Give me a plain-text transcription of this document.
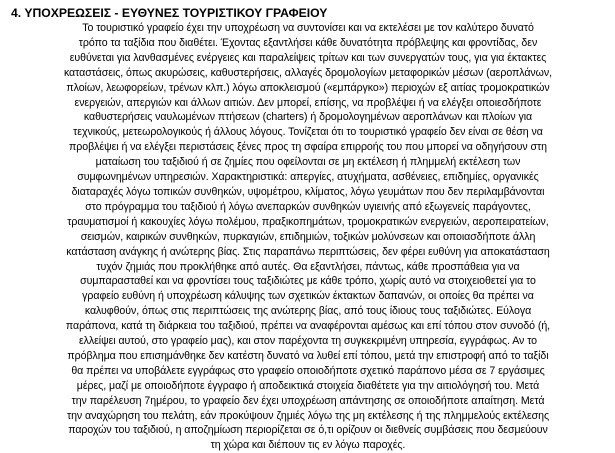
4. ΥΠΟΧΡΕΩΣΕΙΣ - ΕΥΘΥΝΕΣ ΤΟΥΡΙΣΤΙΚΟΥ ΓΡΑΦΕΙΟΥ
Το τουριστικό γραφείο έχει την υποχρέωση να συντονίσει και να εκτελέσει με τον καλύτερο δυνατό
τρόπο τα ταξίδια που διαθέτει. Έχοντας εξαντλήσει κάθε δυνατότητα πρόβλεψης και φροντίδας, δεν
ευθύνεται για λανθασμένες ενέργειες και παραλείψεις τρίτων και των συνεργατών τους, για για έκτακτες
καταστάσεις, όπως ακυρώσεις, καθυστερήσεις, αλλαγές δρομολογίων μεταφορικών μέσων (αεροπλάνων,
πλοίων, λεωφορείων, τρένων κλπ.) λόγω αποκλεισμού («εμπάργκο») περιοχών εξ αιτίας τρομοκρατικών
ενεργειών, απεργιών και άλλων αιτιών. Δεν μπορεί, επίσης, να προβλέψει ή να ελέγξει οποιεσδήποτε
καθυστερήσεις ναυλωμένων πτήσεων (charters) ή δρομολογημένων αεροπλάνων και πλοίων για
τεχνικούς, μετεωρολογικούς ή άλλους λόγους. Τονίζεται ότι το τουριστικό γραφείο δεν είναι σε θέση να
προβλέψει ή να ελέγξει περιστάσεις ξένες προς τη σφαίρα επιρροής του που μπορεί να οδηγήσουν στη
ματαίωση του ταξιδιού ή σε ζημίες που οφείλονται σε μη εκτέλεση ή πλημμελή εκτέλεση των
συμφωνημένων υπηρεσιών. Χαρακτηριστικά: απεργίες, ατυχήματα, ασθένειες, επιδημίες, οργανικές
διαταραχές λόγω τοπικών συνθηκών, υψομέτρου, κλίματος, λόγω γευμάτων που δεν περιλαμβάνονται
στο πρόγραμμα του ταξιδιού ή λόγω ανεπαρκών συνθηκών υγιεινής από εξωγενείς παράγοντες,
τραυματισμοί ή κακουχίες λόγω πολέμου, πραξικοπημάτων, τρομοκρατικών ενεργειών, αεροπειρατείων,
σεισμών, καιρικών συνθηκών, πυρκαγιών, επιδημιών, τοξικών μολύνσεων και οποιασδήποτε άλλη
κατάσταση ανάγκης ή ανώτερης βίας. Στις παραπάνω περιπτώσεις, δεν φέρει ευθύνη για αποκατάσταση
τυχόν ζημιάς που προκλήθηκε από αυτές. Θα εξαντλήσει, πάντως, κάθε προσπάθεια για να
συμπαρασταθεί και να φροντίσει τους ταξιδιώτες με κάθε τρόπο, χωρίς αυτό να στοιχειοθετεί για το
γραφείο ευθύνη ή υποχρέωση κάλυψης των σχετικών έκτακτων δαπανών, οι οποίες θα πρέπει να
καλυφθούν, όπως στις περιπτώσεις της ανώτερης βίας, από τους ίδιους τους ταξιδιώτες. Εύλογα
παράπονα, κατά τη διάρκεια του ταξιδιού, πρέπει να αναφέρονται αμέσως και επί τόπου στον συνοδό (ή,
ελλείψει αυτού, στο γραφείο μας), και στον παρέχοντα τη συγκεκριμένη υπηρεσία, εγγράφως. Αν το
πρόβλημα που επισημάνθηκε δεν κατέστη δυνατό να λυθεί επί τόπου, μετά την επιστροφή από το ταξίδι
θα πρέπει να υποβάλετε εγγράφως στο γραφείο οποιοδήποτε σχετικό παράπονο μέσα σε 7 εργάσιμες
μέρες, μαζί με οποιοδήποτε έγγραφο ή αποδεικτικά στοιχεία διαθέτετε για την αιτιολόγησή του. Μετά
την παρέλευση 7ημέρου, το γραφείο δεν έχει υποχρέωση απάντησης σε οποιοδήποτε απαίτηση. Μετά
την αναχώρηση του πελάτη, εάν προκύψουν ζημιές λόγω της μη εκτέλεσης ή της πλημμελούς εκτέλεσης
παροχών του ταξιδιού, η αποζημίωση περιορίζεται σε ό,τι ορίζουν οι διεθνείς συμβάσεις που δεσμεύουν
τη χώρα και διέπουν τις εν λόγω παροχές.
